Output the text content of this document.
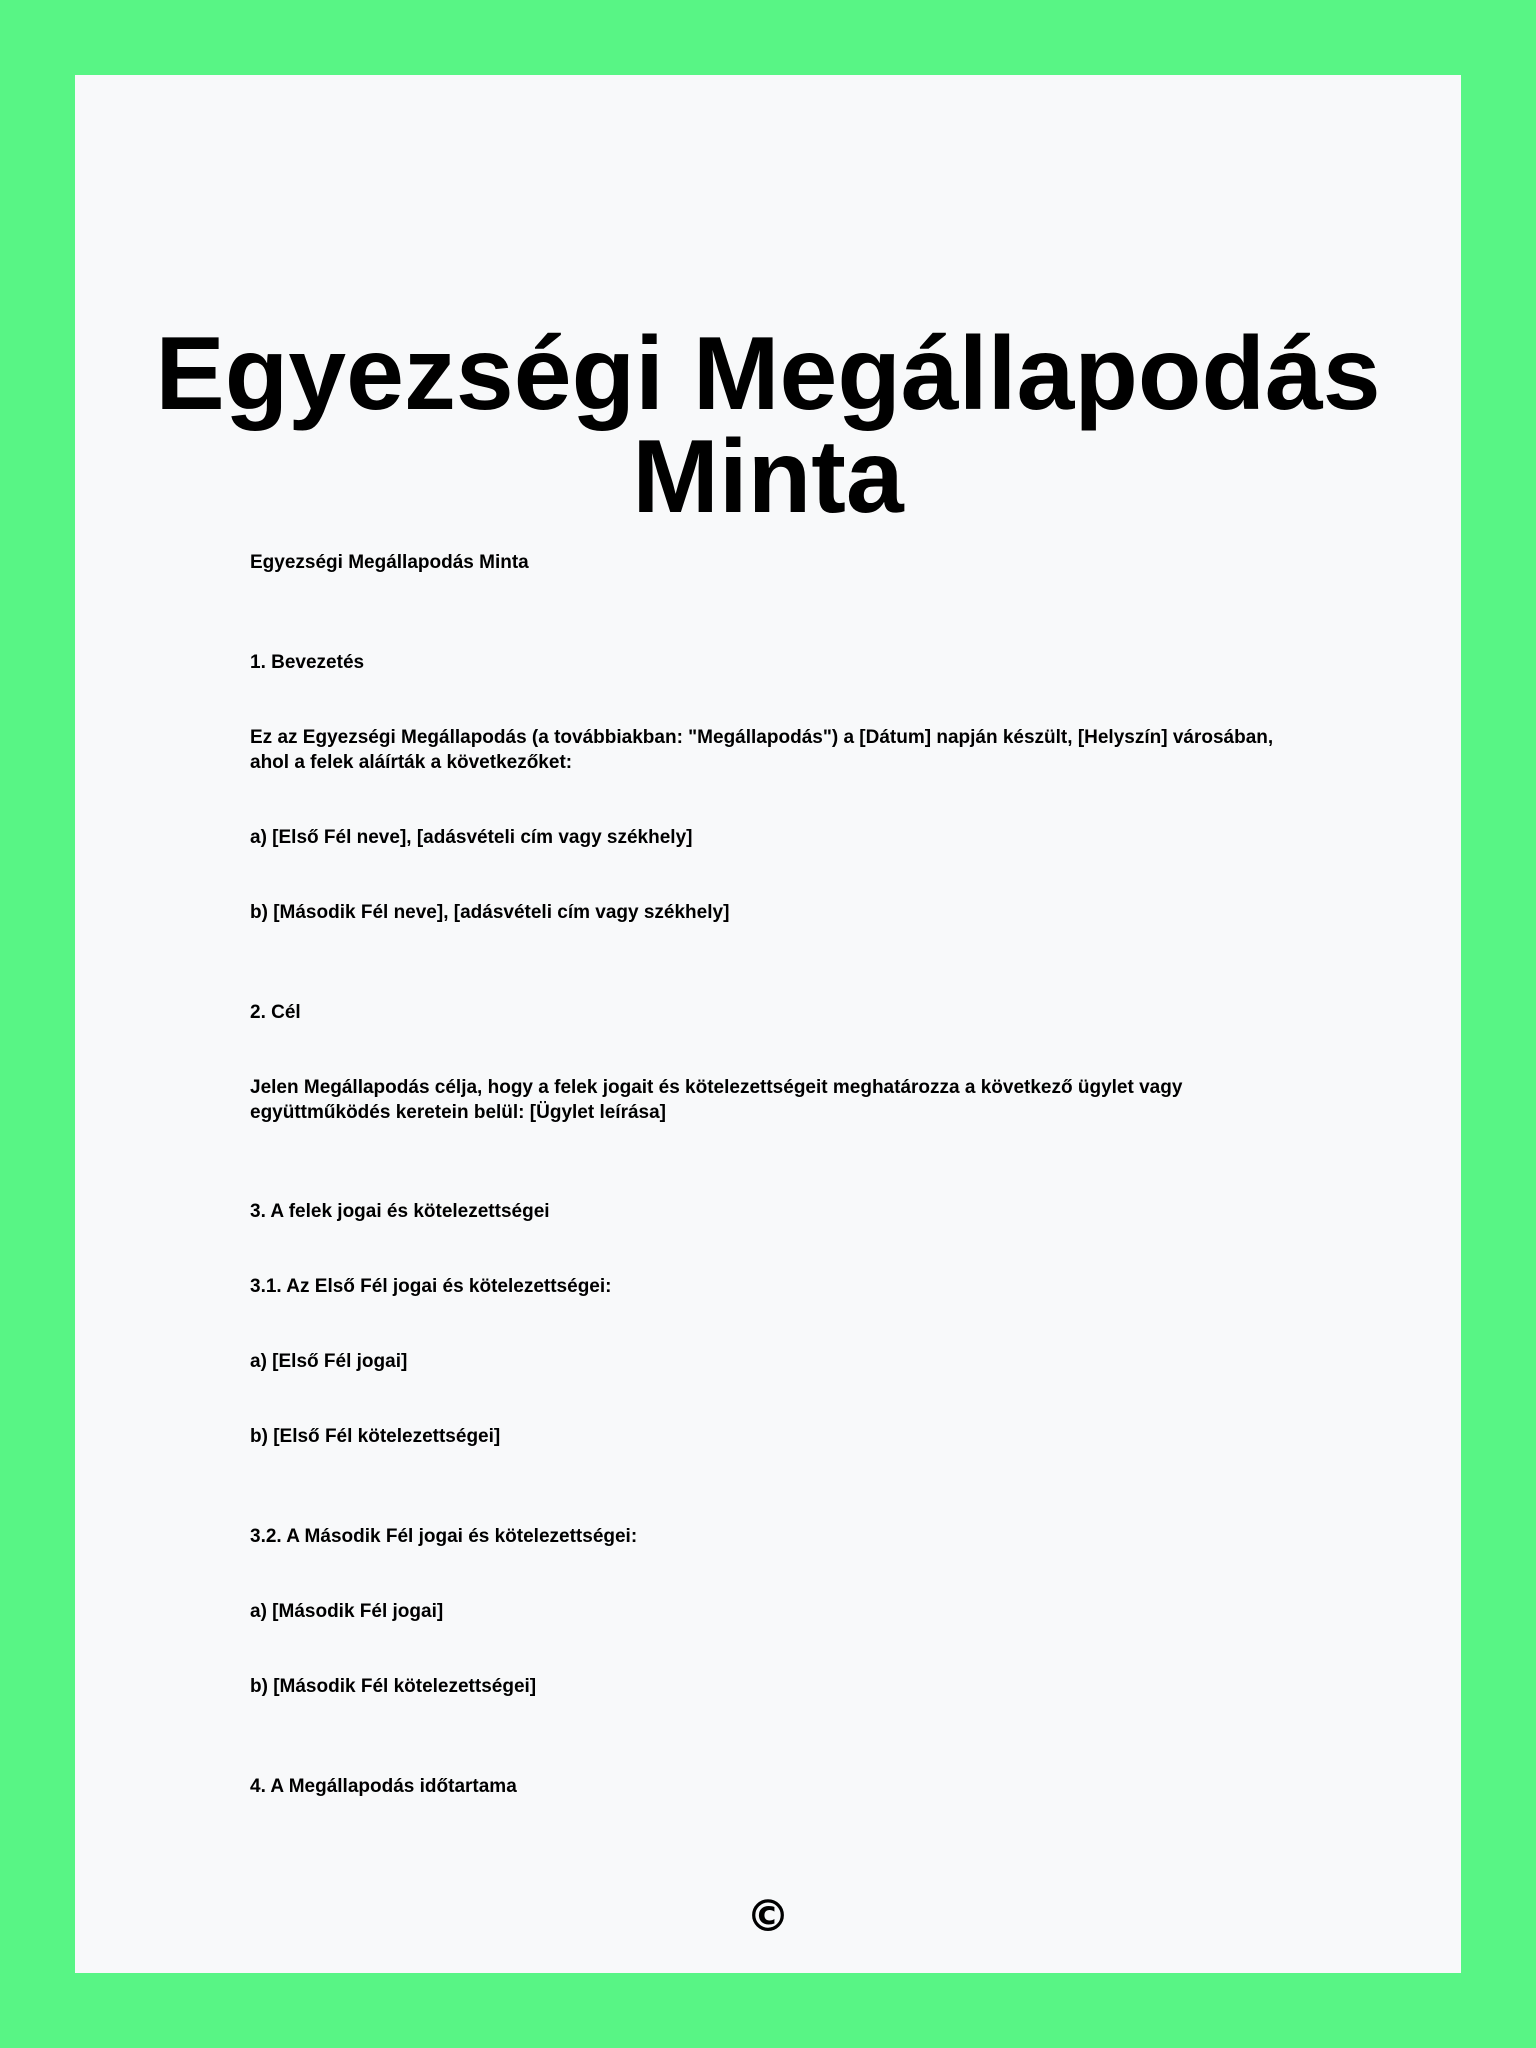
Egyezségi Megállapodás
Minta

Egyezségi Megállapodás Minta

1. Bevezetés

Ez az Egyezségi Megállapodás (a továbbiakban: "Megállapodás") a [Dátum] napján készült, [Helyszín] városában, ahol a felek aláírták a következőket:

a) [Első Fél neve], [adásvételi cím vagy székhely]

b) [Második Fél neve], [adásvételi cím vagy székhely]

2. Cél

Jelen Megállapodás célja, hogy a felek jogait és kötelezettségeit meghatározza a következő ügylet vagy együttműködés keretein belül: [Ügylet leírása]

3. A felek jogai és kötelezettségei

3.1. Az Első Fél jogai és kötelezettségei:

a) [Első Fél jogai]

b) [Első Fél kötelezettségei]

3.2. A Második Fél jogai és kötelezettségei:

a) [Második Fél jogai]

b) [Második Fél kötelezettségei]

4. A Megállapodás időtartama

©
